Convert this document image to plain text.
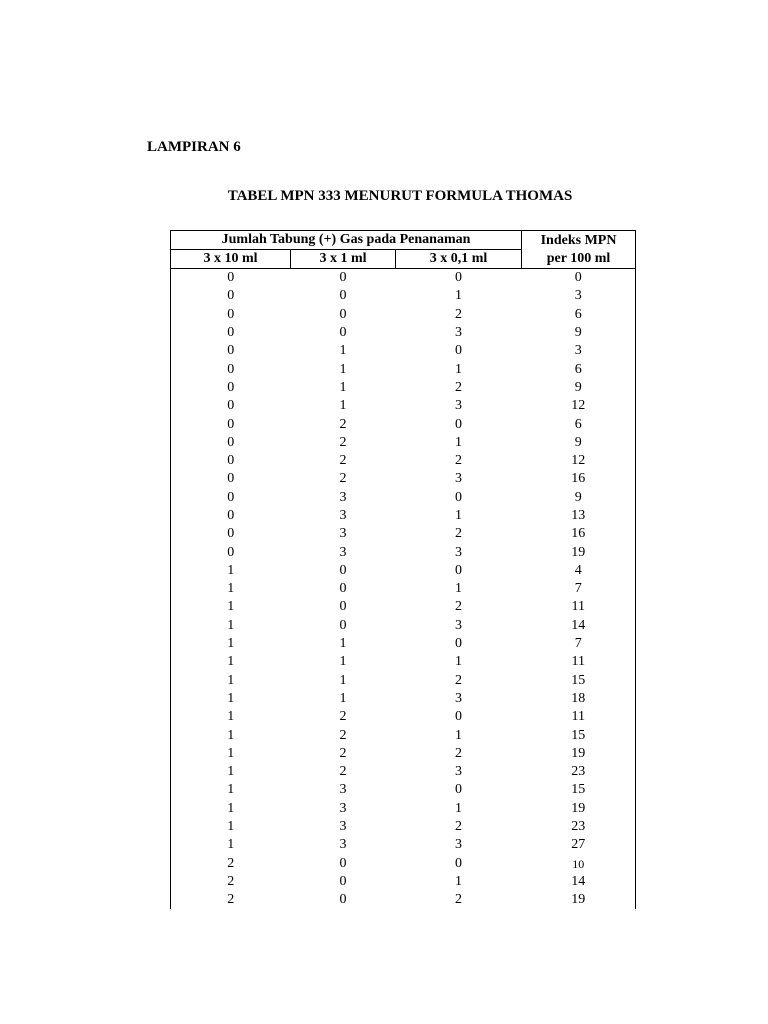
LAMPIRAN 6

TABEL MPN 333 MENURUT FORMULA THOMAS

Jumlah Tabung (+) Gas pada Penanaman			Indeks MPN
per 100 ml
3 x 10 ml	3 x 1 ml	3 x 0,1 ml	
0	0	0	0
0	0	1	3
0	0	2	6
0	0	3	9
0	1	0	3
0	1	1	6
0	1	2	9
0	1	3	12
0	2	0	6
0	2	1	9
0	2	2	12
0	2	3	16
0	3	0	9
0	3	1	13
0	3	2	16
0	3	3	19
1	0	0	4
1	0	1	7
1	0	2	11
1	0	3	14
1	1	0	7
1	1	1	11
1	1	2	15
1	1	3	18
1	2	0	11
1	2	1	15
1	2	2	19
1	2	3	23
1	3	0	15
1	3	1	19
1	3	2	23
1	3	3	27
2	0	0	10
2	0	1	14
2	0	2	19
